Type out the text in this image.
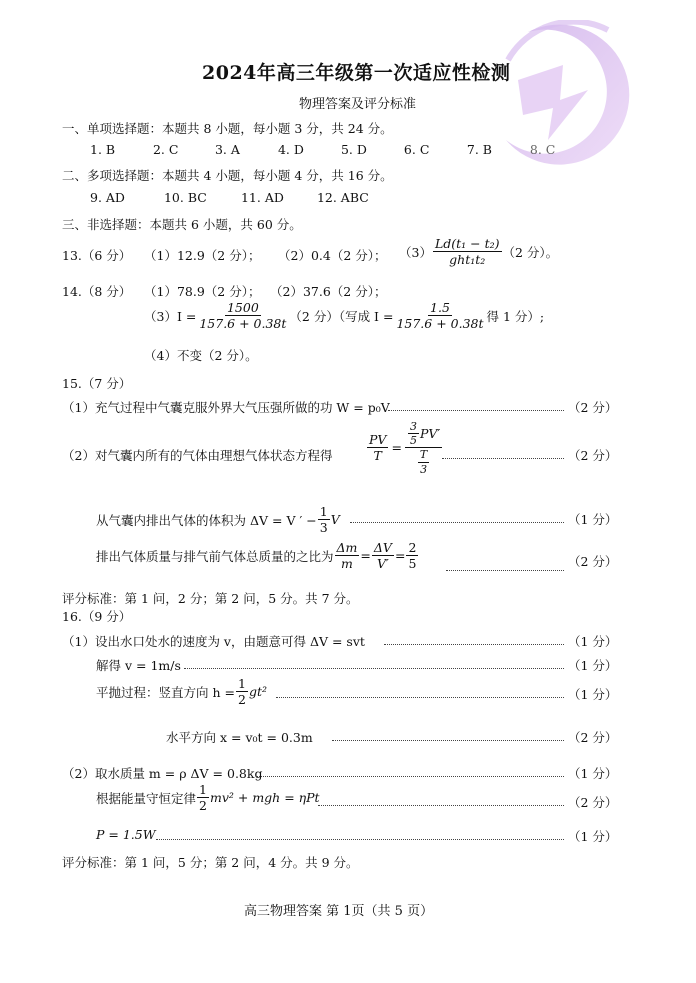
2024年高三年级第一次适应性检测
物理答案及评分标准
一、单项选择题：本题共 8 小题，每小题 3 分，共 24 分。
1. B	2. C	3. A	4. D	5. D	6. C	7. B	8. C
二、多项选择题：本题共 4 小题，每小题 4 分，共 16 分。
9. AD	10. BC	11. AD	12. ABC
三、非选择题：本题共 6 小题，共 60 分。
13.（6 分） （1）12.9（2 分）； （2）0.4（2 分）； $(3) \frac{\text{Ld(t₁ − t₂)}}{\text{ght₁t₂}} (2$ 分）。
14.（8 分） （1）78.9（2 分）； （2）37.6（2 分）；
$(3)I = \frac{1500}{157.6 + 0.38t} (2$ 分）（写成 $I = \frac{1.5}{157.6 + 0.38t}$ 得 1 分）;
（4）不变（2 分）。
15.（7 分）
（1）充气过程中气囊克服外界大气压强所做的功 W = p₀V	（2 分）
（2）对气囊内所有的气体由理想气体状态方程得	$\frac{PV}{T} = \frac{\frac{3}{5} PV'}{\frac{T}{3}}$	（2 分）
从气囊内排出气体的体积为 ΔV = V ′ − $\frac{1}{3}$ V	（1 分）
排出气体质量与排气前气体总质量的之比为 $\frac{\Delta m}{m} = \frac{\Delta V}{V'} = \frac{2}{5}$	（2 分）
评分标准：第 1 问，2 分；第 2 问，5 分。共 7 分。
16.（9 分）
（1）设出水口处水的速度为 v，由题意可得 ΔV = svt	（1 分）
解得 v = 1m/s	（1 分）
平抛过程：竖直方向 $h = \frac{1}{2} gt^2$	（1 分）
水平方向 x = v₀t = 0.3m	（2 分）
（2）取水质量 m = ρ ΔV = 0.8kg	（1 分）
根据能量守恒定律 $\frac{1}{2} mv^2$ + mgh = ηPt	（2 分）
P = 1.5W	（1 分）
评分标准：第 1 问，5 分；第 2 问，4 分。共 9 分。
高三物理答案 第 1页（共 5 页）
